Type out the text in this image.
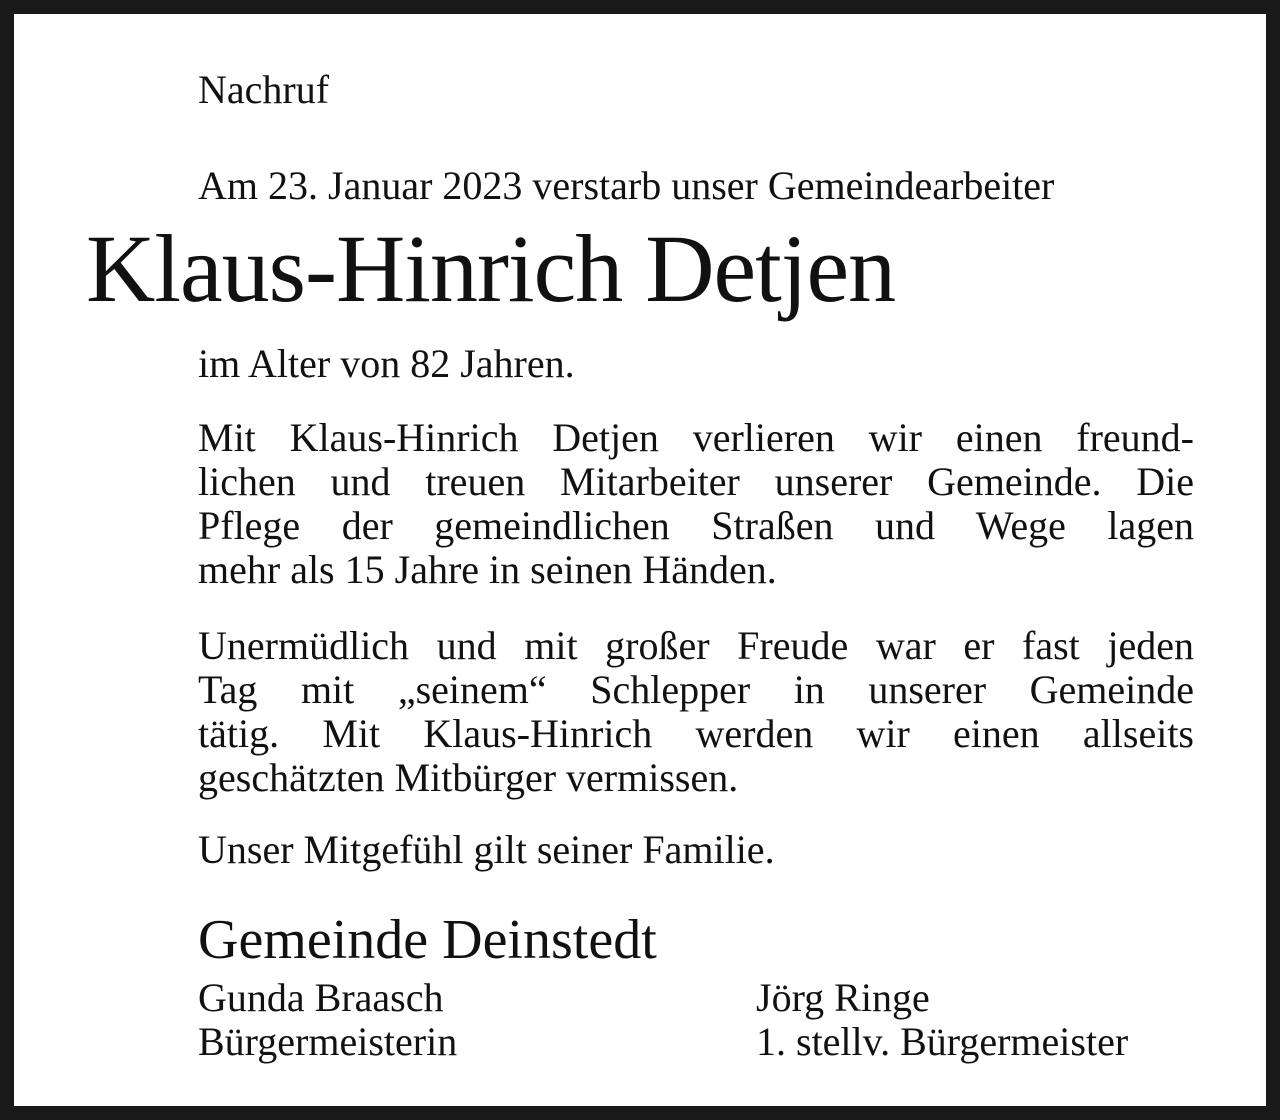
Nachruf

Am 23. Januar 2023 verstarb unser Gemeindearbeiter

Klaus-Hinrich Detjen

im Alter von 82 Jahren.

Mit Klaus-Hinrich Detjen verlieren wir einen freund-
lichen und treuen Mitarbeiter unserer Gemeinde. Die
Pflege der gemeindlichen Straßen und Wege lagen
mehr als 15 Jahre in seinen Händen.
Unermüdlich und mit großer Freude war er fast jeden
Tag mit „seinem“ Schlepper in unserer Gemeinde
tätig. Mit Klaus-Hinrich werden wir einen allseits
geschätzten Mitbürger vermissen.

Unser Mitgefühl gilt seiner Familie.

Gemeinde Deinstedt

Gunda Braasch
Bürgermeisterin
Jörg Ringe
1. stellv. Bürgermeister
